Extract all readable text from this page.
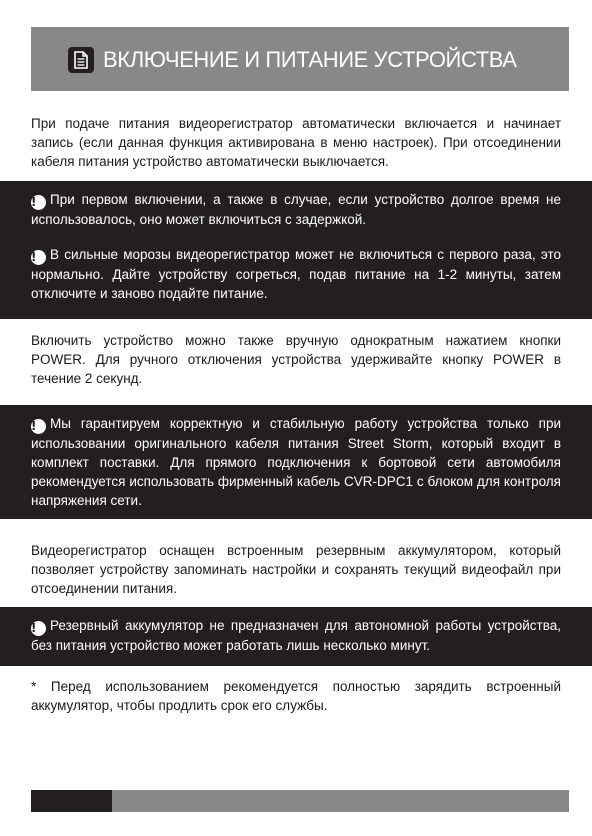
ВКЛЮЧЕНИЕ И ПИТАНИЕ УСТРОЙСТВА

При подаче питания видеорегистратор автоматически включается и начинает запись (если данная функция активирована в меню настроек). При отсоединении кабеля питания устройство автоматически выключается.

! При первом включении, а также в случае, если устройство долгое время не использовалось, оно может включиться с задержкой.

! В сильные морозы видеорегистратор может не включиться с первого раза, это нормально. Дайте устройству согреться, подав питание на 1-2 минуты, затем отключите и заново подайте питание.

Включить устройство можно также вручную однократным нажатием кнопки POWER. Для ручного отключения устройства удерживайте кнопку POWER в течение 2 секунд.

! Мы гарантируем корректную и стабильную работу устройства только при использовании оригинального кабеля питания Street Storm, который входит в комплект поставки. Для прямого подключения к бортовой сети автомобиля рекомендуется использовать фирменный кабель CVR-DPC1 с блоком для контроля напряжения сети.

Видеорегистратор оснащен встроенным резервным аккумулятором, который позволяет устройству запоминать настройки и сохранять текущий видеофайл при отсоединении питания.

! Резервный аккумулятор не предназначен для автономной работы устройства, без питания устройство может работать лишь несколько минут.

* Перед использованием рекомендуется полностью зарядить встроенный аккумулятор, чтобы продлить срок его службы.
